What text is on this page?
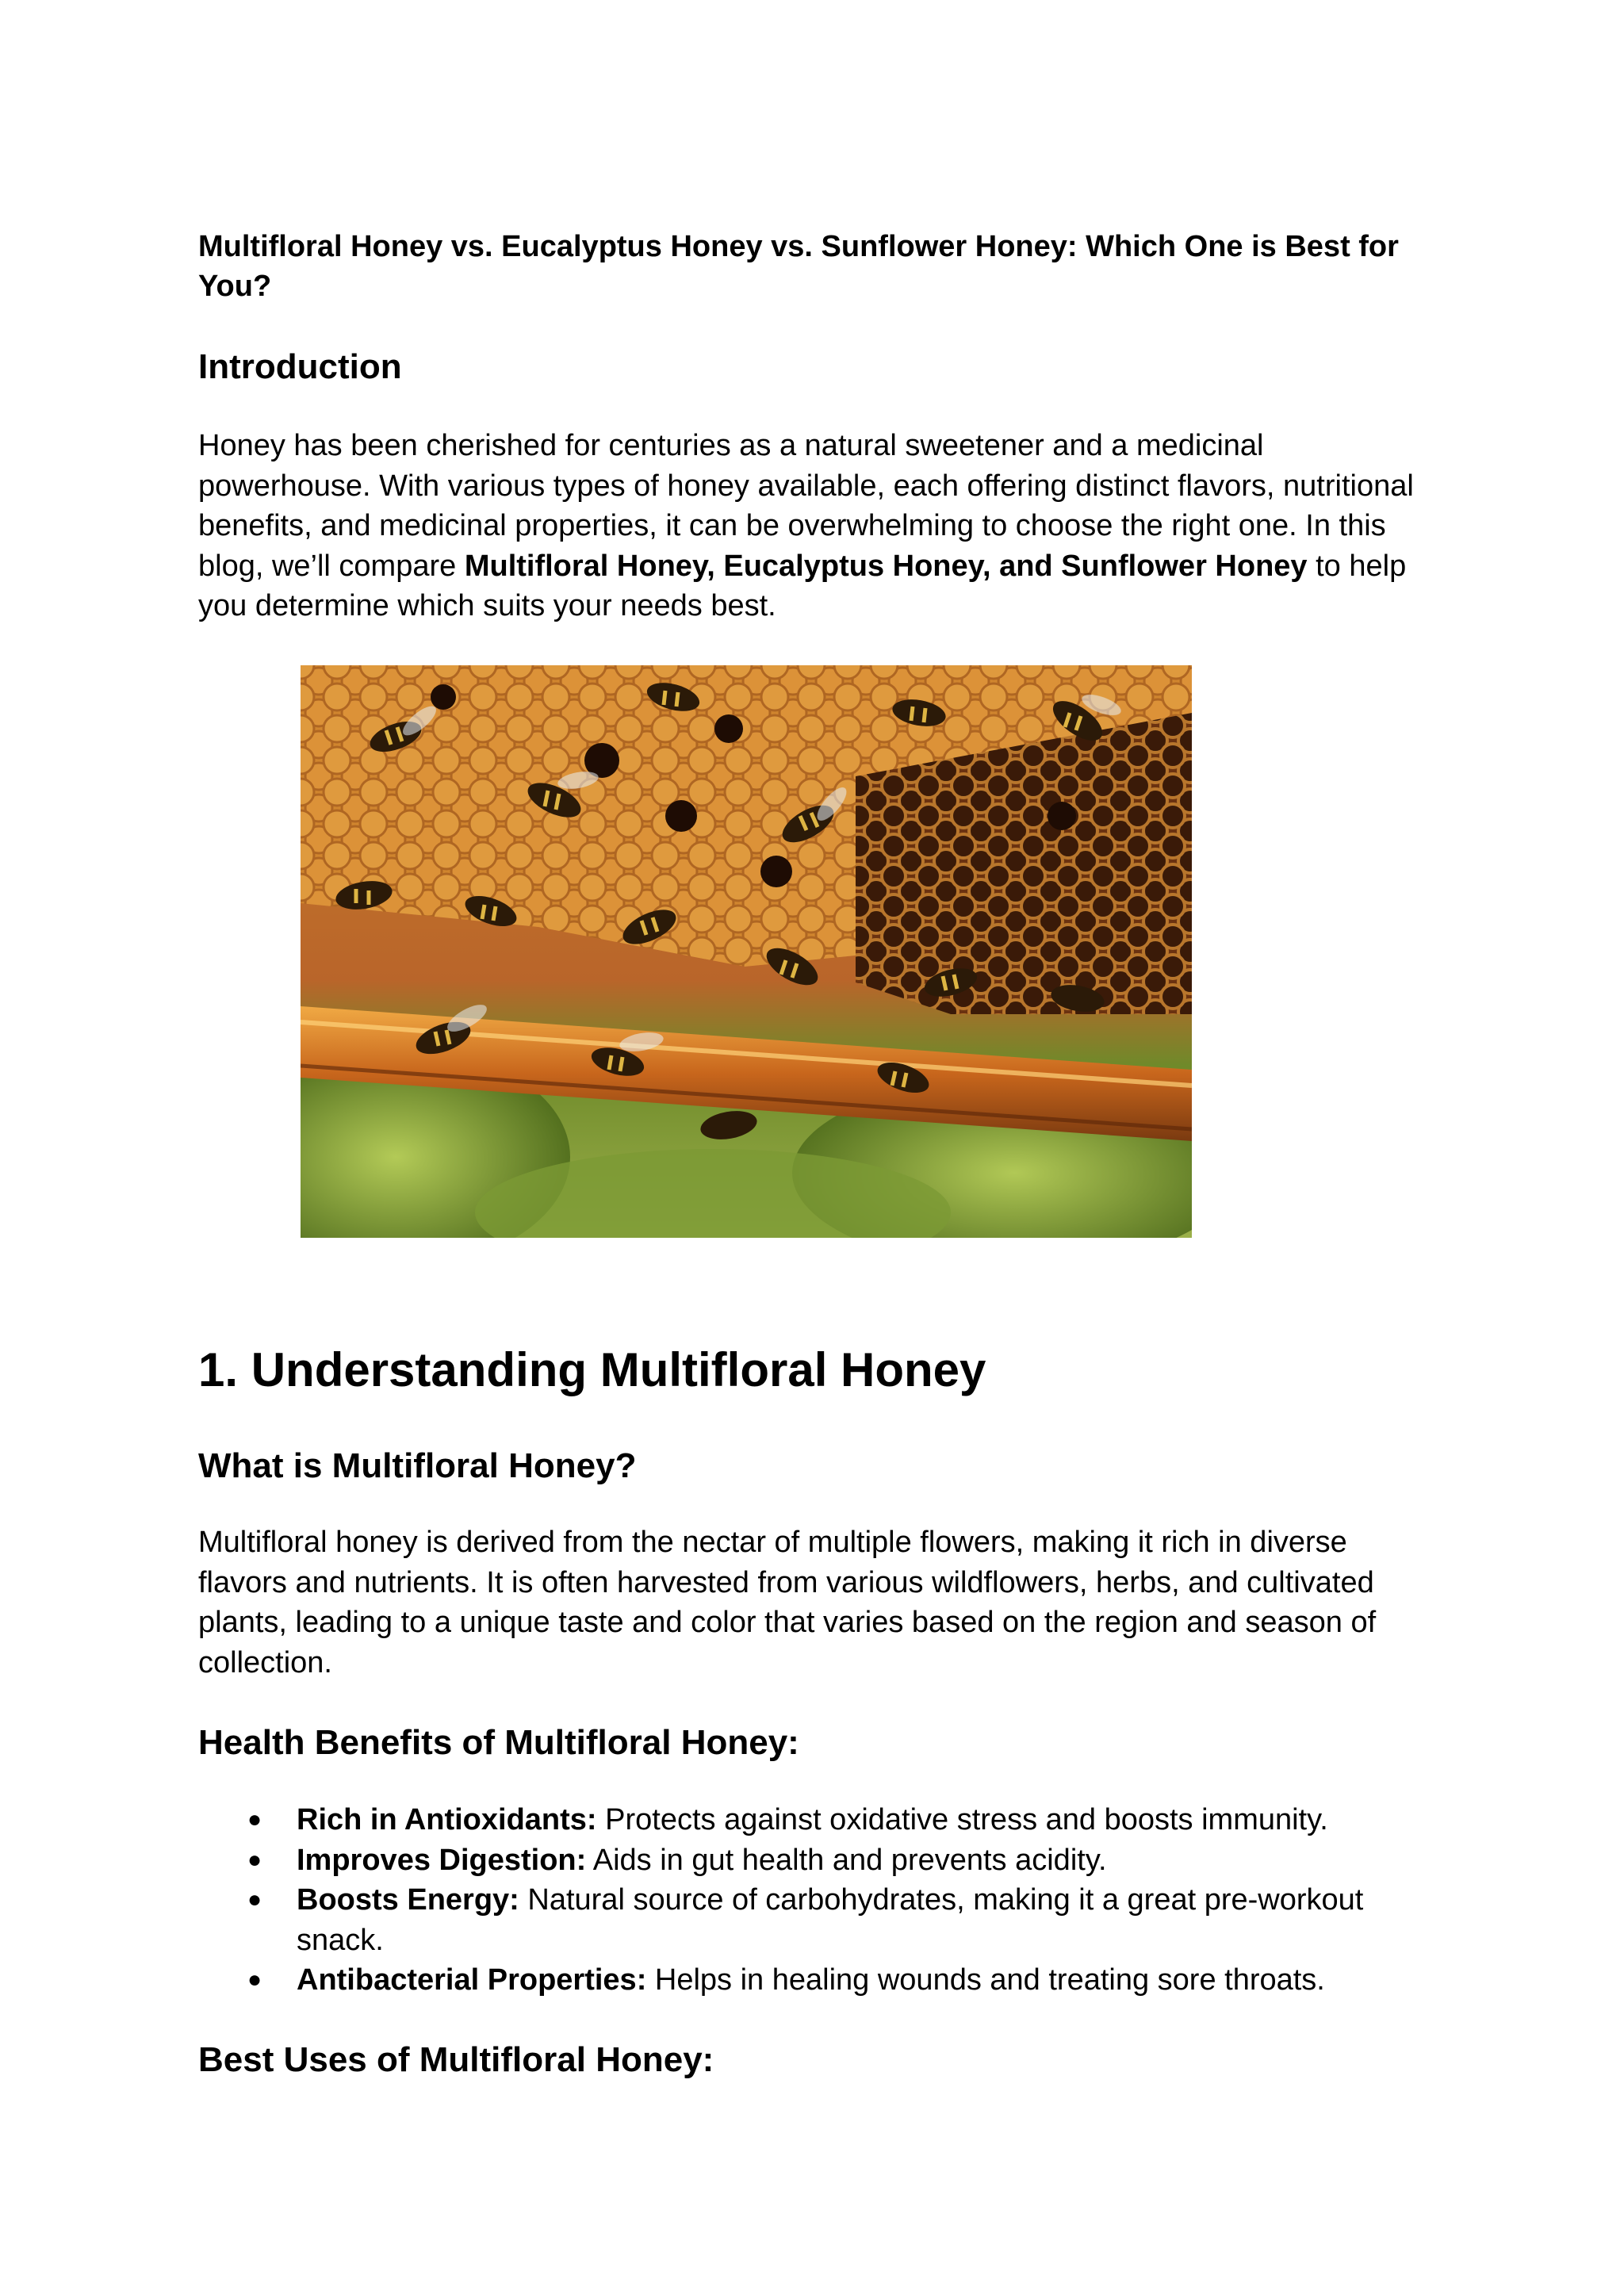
Multifloral Honey vs. Eucalyptus Honey vs. Sunflower Honey: Which One is Best for You?

Introduction

Honey has been cherished for centuries as a natural sweetener and a medicinal powerhouse. With various types of honey available, each offering distinct flavors, nutritional benefits, and medicinal properties, it can be overwhelming to choose the right one. In this blog, we’ll compare Multifloral Honey, Eucalyptus Honey, and Sunflower Honey to help you determine which suits your needs best.

1. Understanding Multifloral Honey
What is Multifloral Honey?

Multifloral honey is derived from the nectar of multiple flowers, making it rich in diverse flavors and nutrients. It is often harvested from various wildflowers, herbs, and cultivated plants, leading to a unique taste and color that varies based on the region and season of collection.

Health Benefits of Multifloral Honey:
● Rich in Antioxidants: Protects against oxidative stress and boosts immunity.
● Improves Digestion: Aids in gut health and prevents acidity.
● Boosts Energy: Natural source of carbohydrates, making it a great pre-workout snack.
● Antibacterial Properties: Helps in healing wounds and treating sore throats.
Best Uses of Multifloral Honey:
